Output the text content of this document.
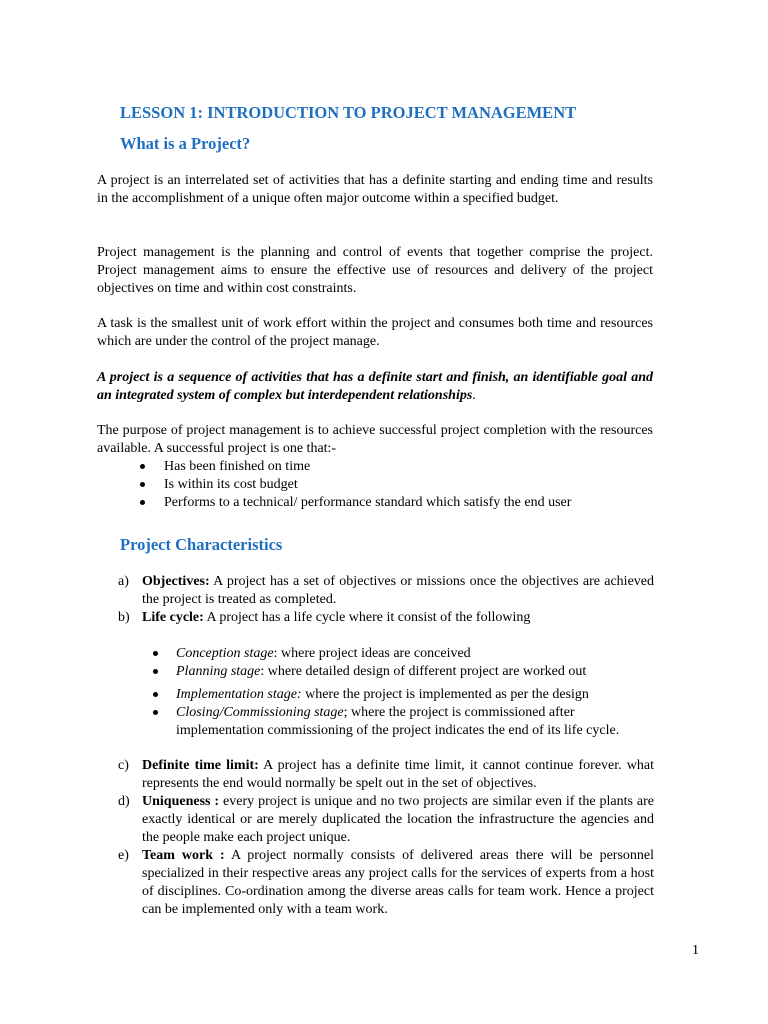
LESSON 1: INTRODUCTION TO PROJECT MANAGEMENT
What is a Project?

A project is an interrelated set of activities that has a definite starting and ending time and results in the accomplishment of a unique often major outcome within a specified budget.

Project management is the planning and control of events that together comprise the project. Project management aims to ensure the effective use of resources and delivery of the project objectives on time and within cost constraints.

A task is the smallest unit of work effort within the project and consumes both time and resources which are under the control of the project manage.

A project is a sequence of activities that has a definite start and finish, an identifiable goal and an integrated system of complex but interdependent relationships.

The purpose of project management is to achieve successful project completion with the resources available. A successful project is one that:-

Has been finished on time
Is within its cost budget
Performs to a technical/ performance standard which satisfy the end user
Project Characteristics
a) Objectives: A project has a set of objectives or missions once the objectives are achieved the project is treated as completed.
b) Life cycle: A project has a life cycle where it consist of the following
Conception stage: where project ideas are conceived
Planning stage: where detailed design of different project are worked out
Implementation stage: where the project is implemented as per the design
Closing/Commissioning stage; where the project is commissioned after implementation commissioning of the project indicates the end of its life cycle.
c) Definite time limit: A project has a definite time limit, it cannot continue forever. what represents the end would normally be spelt out in the set of objectives.
d) Uniqueness : every project is unique and no two projects are similar even if the plants are exactly identical or are merely duplicated the location the infrastructure the agencies and the people make each project unique.
e) Team work : A project normally consists of delivered areas there will be personnel specialized in their respective areas any project calls for the services of experts from a host of disciplines. Co-ordination among the diverse areas calls for team work. Hence a project can be implemented only with a team work.
1
